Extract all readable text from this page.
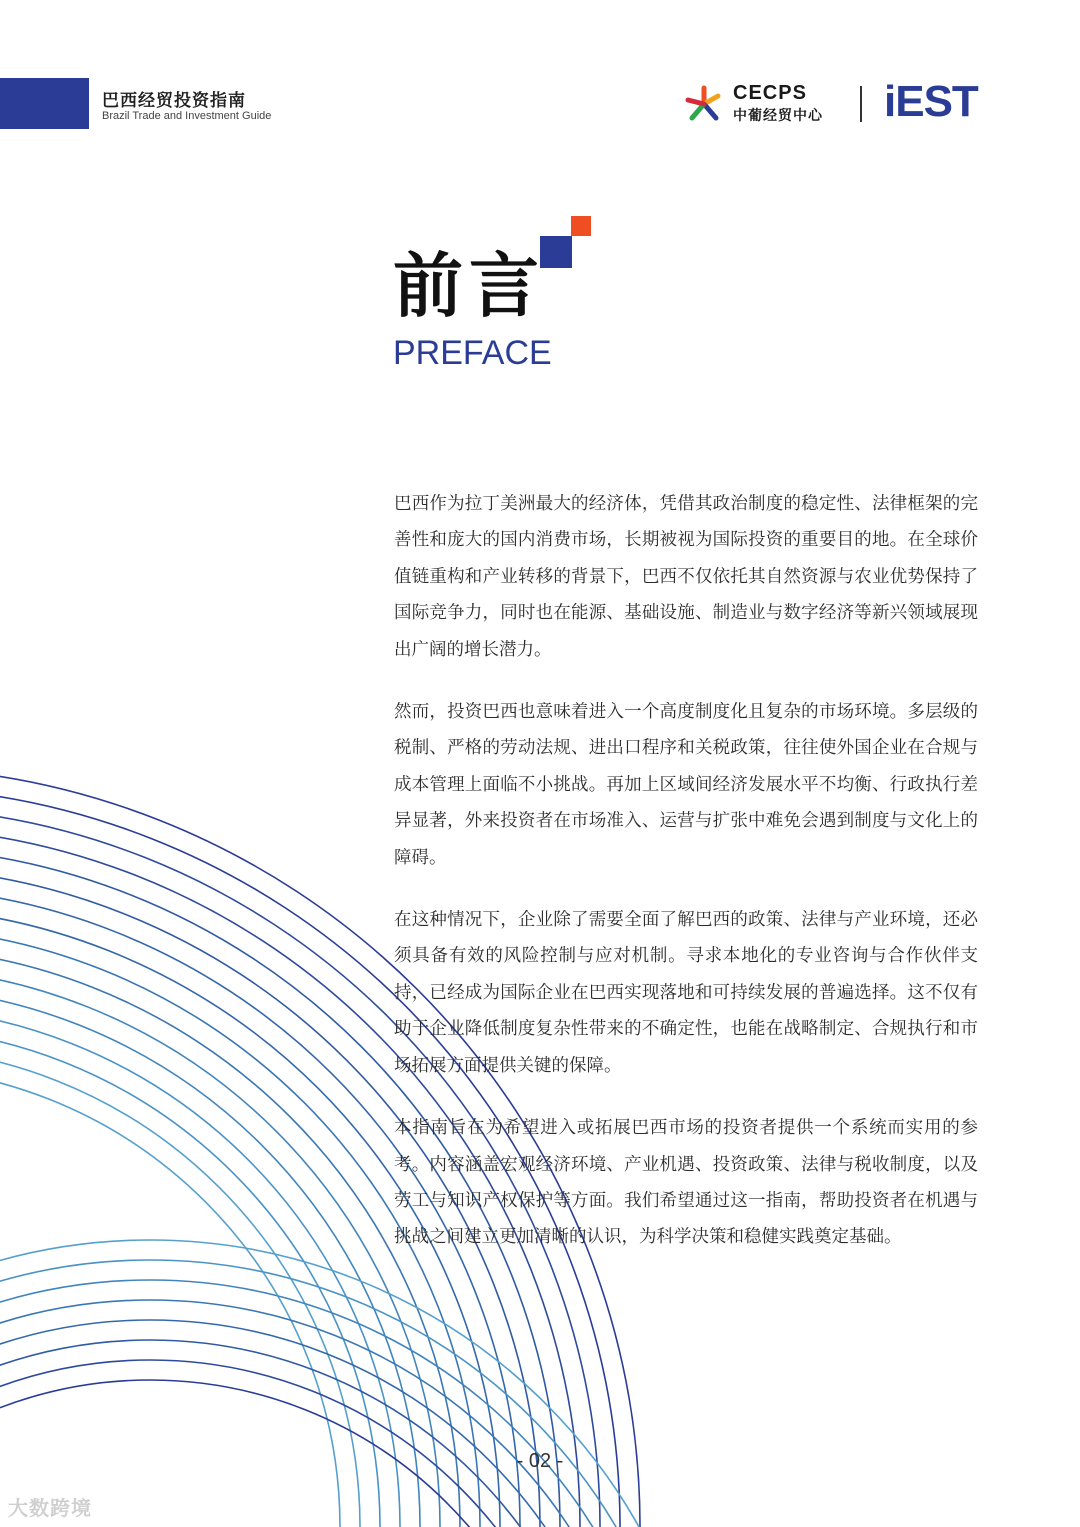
巴西经贸投资指南
Brazil Trade and Investment Guide
CECPS
中葡经贸中心 iEST
前言
PREFACE

巴西作为拉丁美洲最大的经济体，凭借其政治制度的稳定性、法律框架的完善性和庞大的国内消费市场，长期被视为国际投资的重要目的地。在全球价值链重构和产业转移的背景下，巴西不仅依托其自然资源与农业优势保持了国际竞争力，同时也在能源、基础设施、制造业与数字经济等新兴领域展现出广阔的增长潜力。

然而，投资巴西也意味着进入一个高度制度化且复杂的市场环境。多层级的税制、严格的劳动法规、进出口程序和关税政策，往往使外国企业在合规与成本管理上面临不小挑战。再加上区域间经济发展水平不均衡、行政执行差异显著，外来投资者在市场准入、运营与扩张中难免会遇到制度与文化上的障碍。

在这种情况下，企业除了需要全面了解巴西的政策、法律与产业环境，还必须具备有效的风险控制与应对机制。寻求本地化的专业咨询与合作伙伴支持，已经成为国际企业在巴西实现落地和可持续发展的普遍选择。这不仅有助于企业降低制度复杂性带来的不确定性，也能在战略制定、合规执行和市场拓展方面提供关键的保障。

本指南旨在为希望进入或拓展巴西市场的投资者提供一个系统而实用的参考。内容涵盖宏观经济环境、产业机遇、投资政策、法律与税收制度，以及劳工与知识产权保护等方面。我们希望通过这一指南，帮助投资者在机遇与挑战之间建立更加清晰的认识，为科学决策和稳健实践奠定基础。

- 02 -
大数跨境
